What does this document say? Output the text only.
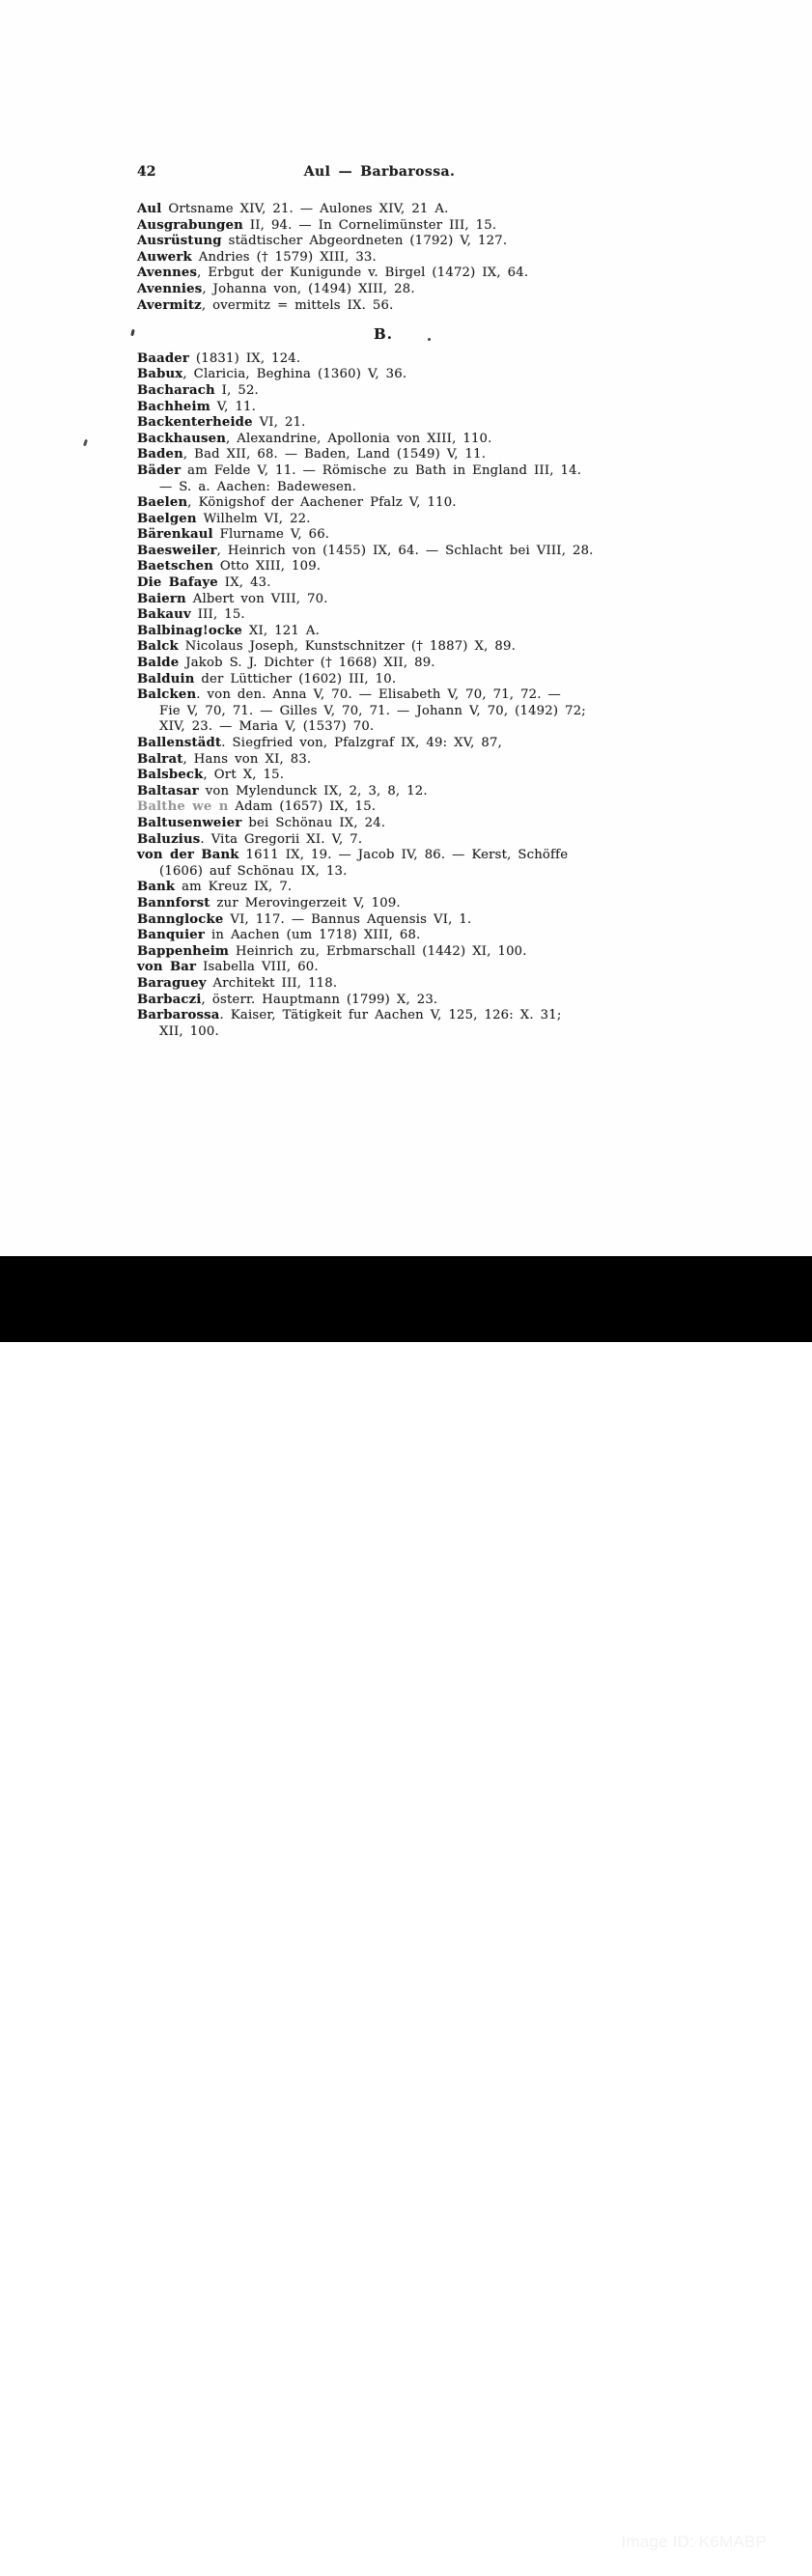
42	Aul — Barbarossa.
Aul Ortsname XIV, 21. — Aulones XIV, 21 A.
Ausgrabungen II, 94. — In Cornelimünster III, 15.
Ausrüstung städtischer Abgeordneten (1792) V, 127.
Auwerk Andries († 1579) XIII, 33.
Avennes, Erbgut der Kunigunde v. Birgel (1472) IX, 64.
Avennies, Johanna von, (1494) XIII, 28.
Avermitz, overmitz = mittels IX. 56.
B.
Baader (1831) IX, 124.
Babux, Claricia, Beghina (1360) V, 36.
Bacharach I, 52.
Bachheim V, 11.
Backenterheide VI, 21.
Backhausen, Alexandrine, Apollonia von XIII, 110.
Baden, Bad XII, 68. — Baden, Land (1549) V, 11.
Bäder am Felde V, 11. — Römische zu Bath in England III, 14.
— S. a. Aachen: Badewesen.
Baelen, Königshof der Aachener Pfalz V, 110.
Baelgen Wilhelm VI, 22.
Bärenkaul Flurname V, 66.
Baesweiler, Heinrich von (1455) IX, 64. — Schlacht bei VIII, 28.
Baetschen Otto XIII, 109.
Die Bafaye IX, 43.
Baiern Albert von VIII, 70.
Bakauv III, 15.
Balbinag!ocke XI, 121 A.
Balck Nicolaus Joseph, Kunstschnitzer († 1887) X, 89.
Balde Jakob S. J. Dichter († 1668) XII, 89.
Balduin der Lütticher (1602) III, 10.
Balcken. von den. Anna V, 70. — Elisabeth V, 70, 71, 72. —
Fie V, 70, 71. — Gilles V, 70, 71. — Johann V, 70, (1492) 72;
XIV, 23. — Maria V, (1537) 70.
Ballenstädt. Siegfried von, Pfalzgraf IX, 49: XV, 87,
Balrat, Hans von XI, 83.
Balsbeck, Ort X, 15.
Baltasar von Mylendunck IX, 2, 3, 8, 12.
Balthe we n Adam (1657) IX, 15.
Baltusenweier bei Schönau IX, 24.
Baluzius. Vita Gregorii XI. V, 7.
von der Bank 1611 IX, 19. — Jacob IV, 86. — Kerst, Schöffe
(1606) auf Schönau IX, 13.
Bank am Kreuz IX, 7.
Bannforst zur Merovingerzeit V, 109.
Bannglocke VI, 117. — Bannus Aquensis VI, 1.
Banquier in Aachen (um 1718) XIII, 68.
Bappenheim Heinrich zu, Erbmarschall (1442) XI, 100.
von Bar Isabella VIII, 60.
Baraguey Architekt III, 118.
Barbaczi, österr. Hauptmann (1799) X, 23.
Barbarossa. Kaiser, Tätigkeit fur Aachen V, 125, 126: X. 31;
XII, 100.
alamy	Image ID: K6MABP
www.alamy.com
